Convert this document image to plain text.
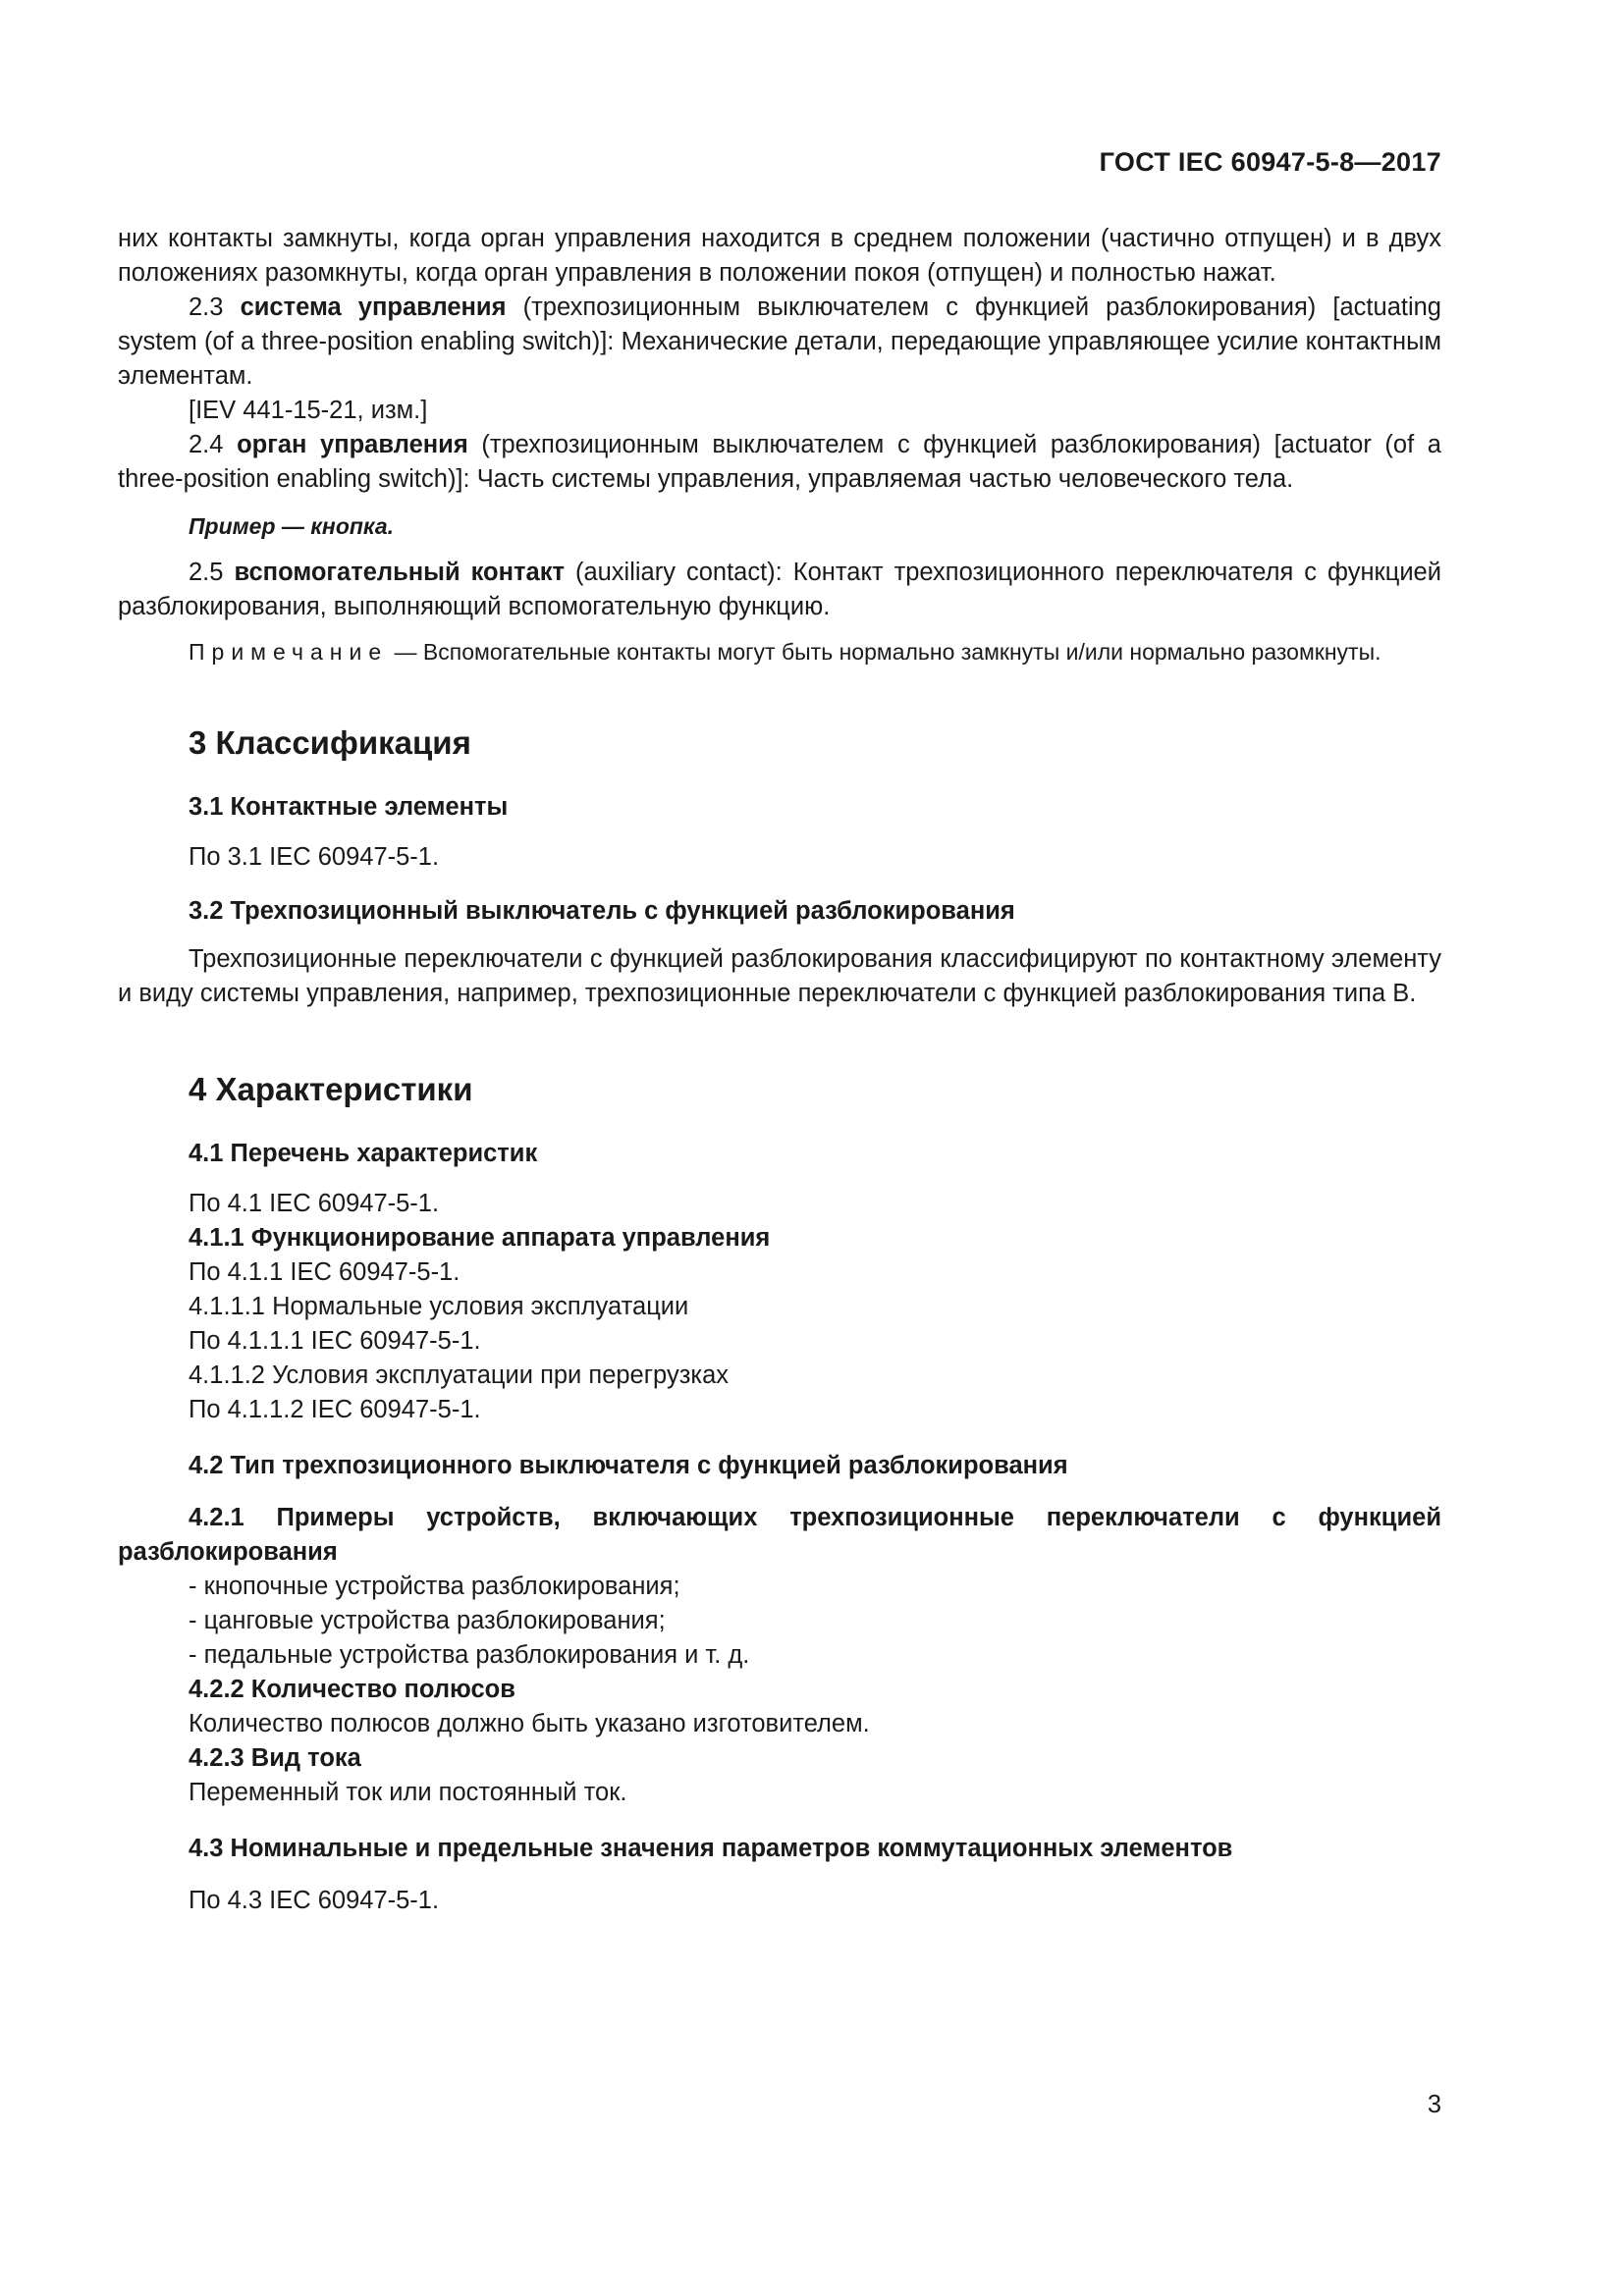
ГОСТ IEC 60947-5-8—2017

них контакты замкнуты, когда орган управления находится в среднем положении (частично отпущен) и в двух положениях разомкнуты, когда орган управления в положении покоя (отпущен) и полностью нажат.

2.3 система управления (трехпозиционным выключателем с функцией разблокирования) [actuating system (of a three-position enabling switch)]: Механические детали, передающие управляющее усилие контактным элементам.

[IEV 441-15-21, изм.]

2.4 орган управления (трехпозиционным выключателем с функцией разблокирования) [actuator (of a three-position enabling switch)]: Часть системы управления, управляемая частью человеческого тела.

Пример — кнопка.

2.5 вспомогательный контакт (auxiliary contact): Контакт трехпозиционного переключателя с функцией разблокирования, выполняющий вспомогательную функцию.

Примечание — Вспомогательные контакты могут быть нормально замкнуты и/или нормально разомкнуты.

3 Классификация

3.1 Контактные элементы

По 3.1 IEC 60947-5-1.

3.2 Трехпозиционный выключатель с функцией разблокирования

Трехпозиционные переключатели с функцией разблокирования классифицируют по контактному элементу и виду системы управления, например, трехпозиционные переключатели с функцией разблокирования типа В.

4 Характеристики

4.1 Перечень характеристик

По 4.1 IEC 60947-5-1.

4.1.1 Функционирование аппарата управления

По 4.1.1 IEC 60947-5-1.

4.1.1.1 Нормальные условия эксплуатации

По 4.1.1.1 IEC 60947-5-1.

4.1.1.2 Условия эксплуатации при перегрузках

По 4.1.1.2 IEC 60947-5-1.

4.2 Тип трехпозиционного выключателя с функцией разблокирования

4.2.1 Примеры устройств, включающих трехпозиционные переключатели с функцией разблокирования

- кнопочные устройства разблокирования;

- цанговые устройства разблокирования;

- педальные устройства разблокирования и т. д.

4.2.2 Количество полюсов

Количество полюсов должно быть указано изготовителем.

4.2.3 Вид тока

Переменный ток или постоянный ток.

4.3 Номинальные и предельные значения параметров коммутационных элементов

По 4.3 IEC 60947-5-1.

3
